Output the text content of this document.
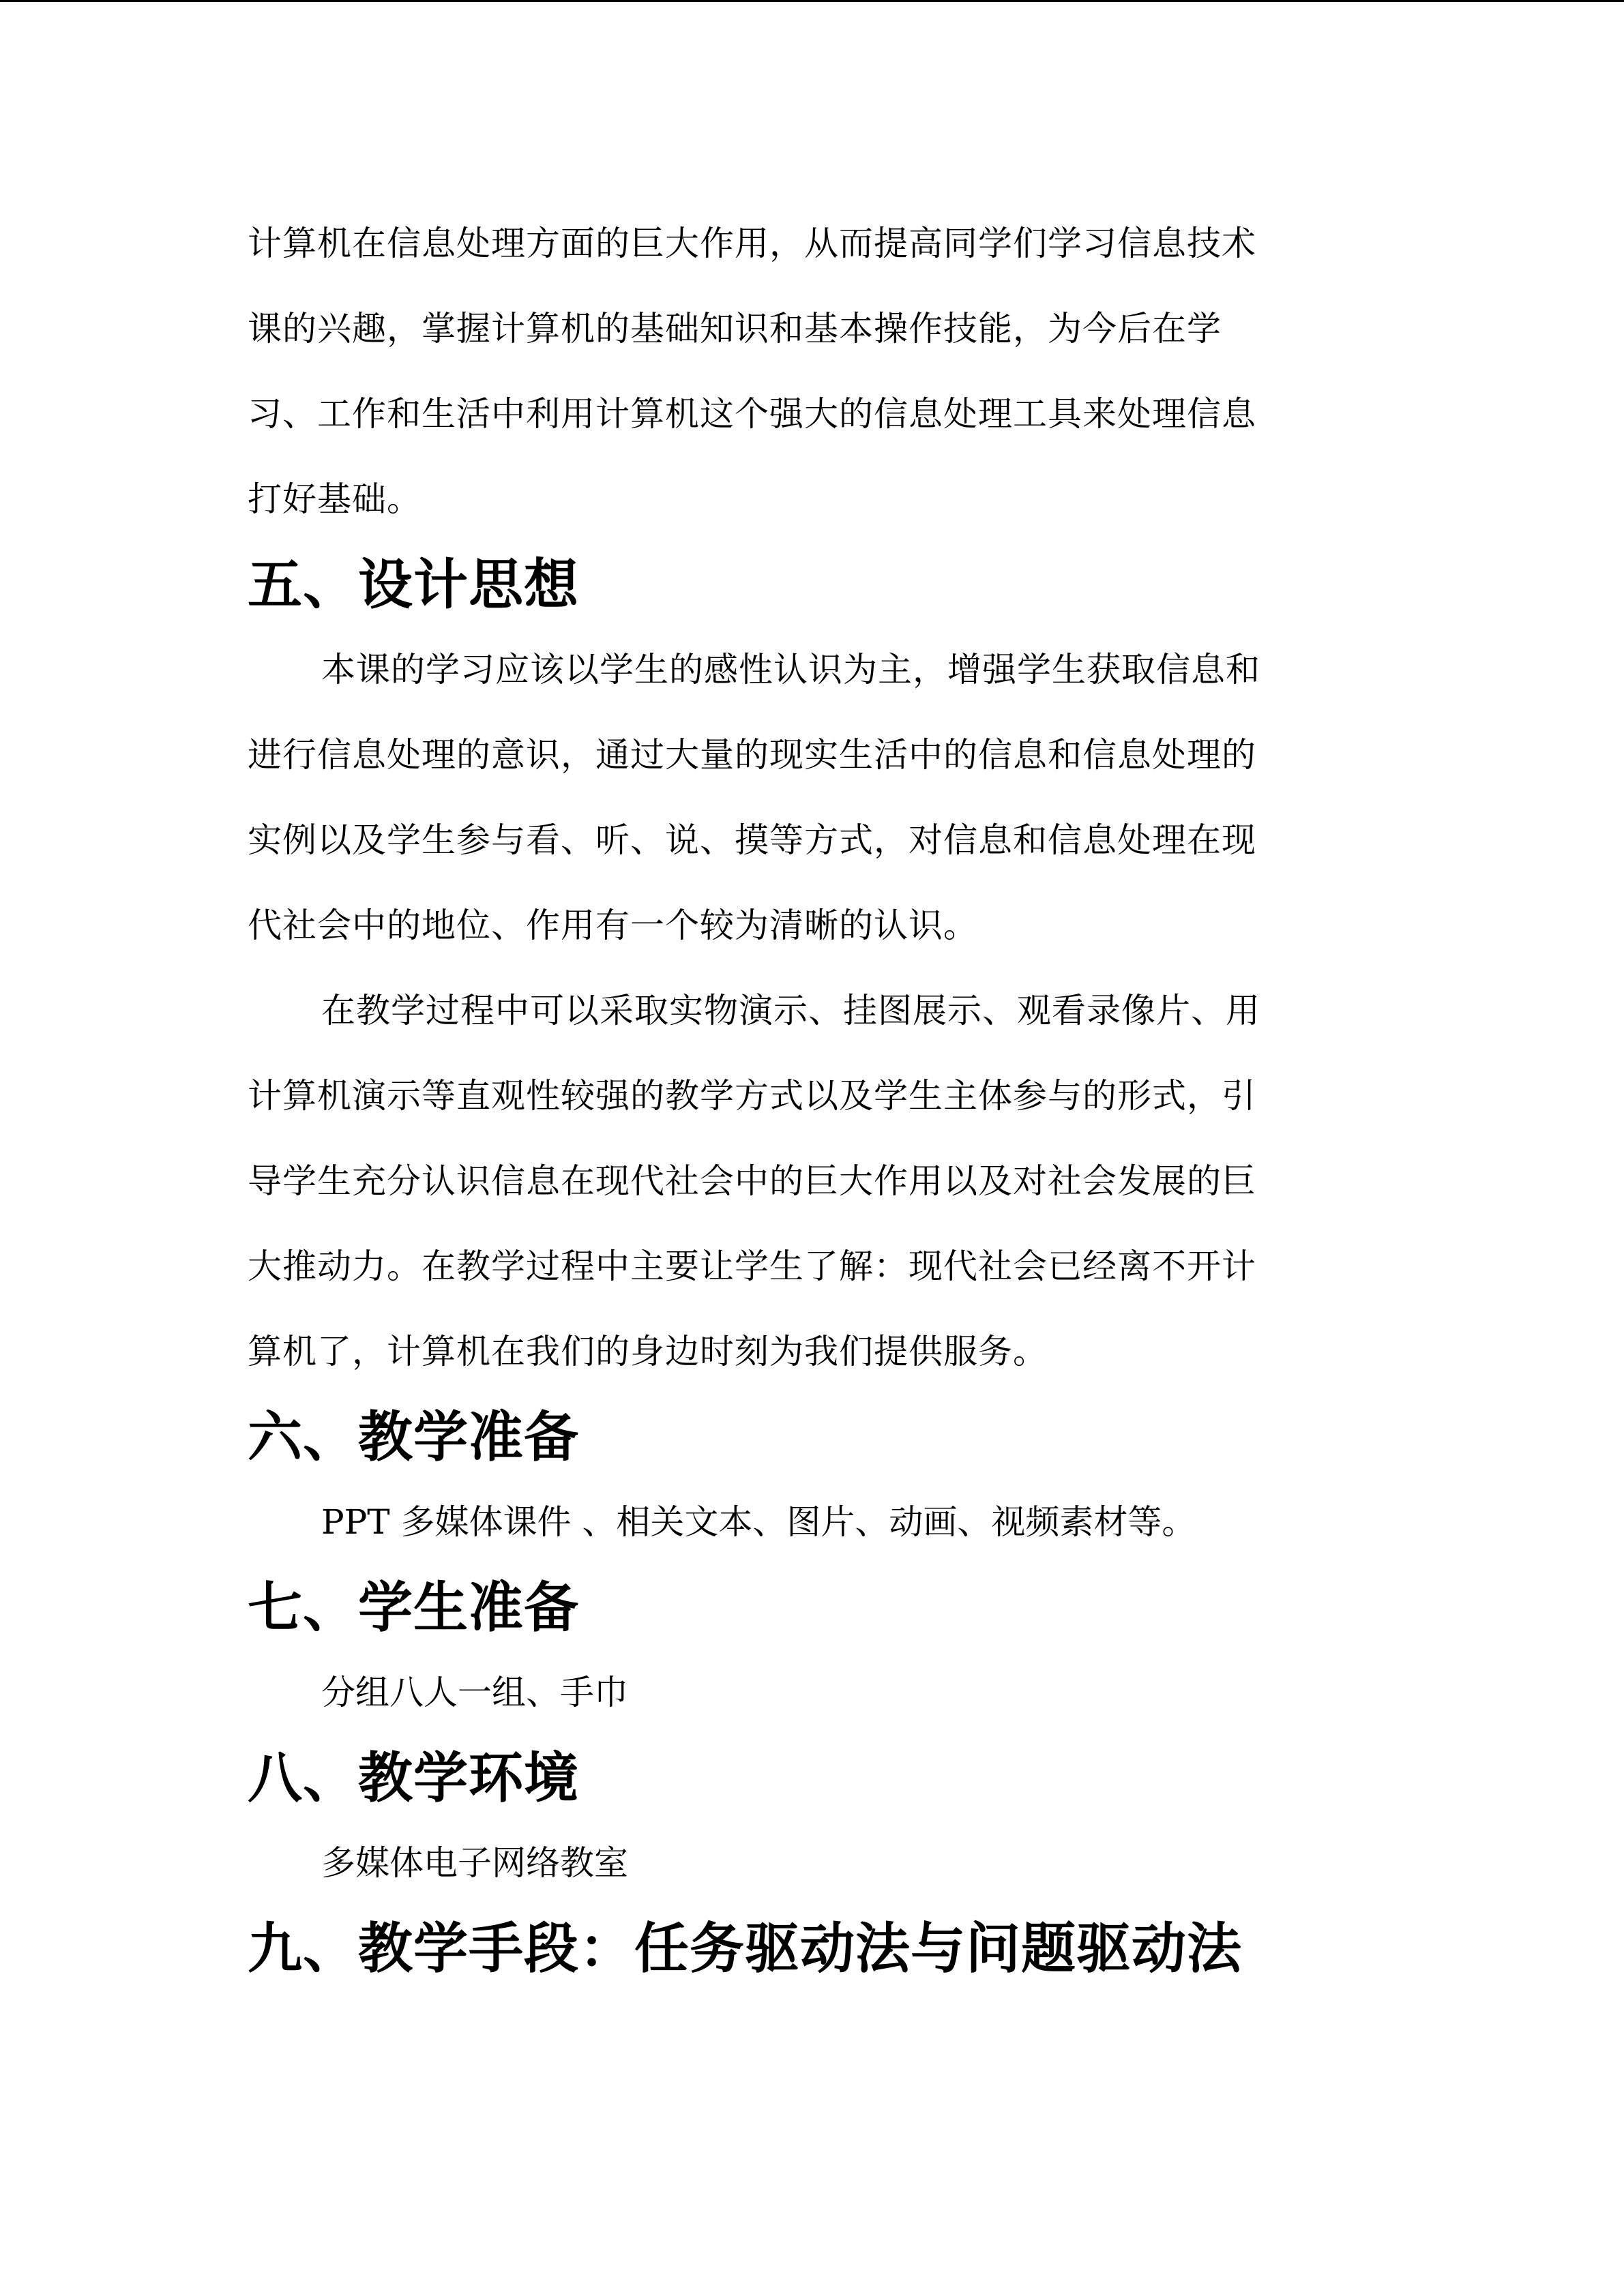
计算机在信息处理方面的巨大作用，从而提高同学们学习信息技术
课的兴趣，掌握计算机的基础知识和基本操作技能，为今后在学
习、工作和生活中利用计算机这个强大的信息处理工具来处理信息
打好基础。

五、设计思想

本课的学习应该以学生的感性认识为主，增强学生获取信息和
进行信息处理的意识，通过大量的现实生活中的信息和信息处理的
实例以及学生参与看、听、说、摸等方式，对信息和信息处理在现
代社会中的地位、作用有一个较为清晰的认识。

在教学过程中可以采取实物演示、挂图展示、观看录像片、用
计算机演示等直观性较强的教学方式以及学生主体参与的形式，引
导学生充分认识信息在现代社会中的巨大作用以及对社会发展的巨
大推动力。在教学过程中主要让学生了解：现代社会已经离不开计
算机了，计算机在我们的身边时刻为我们提供服务。

六、教学准备

PPT 多媒体课件 、相关文本、图片、动画、视频素材等。

七、学生准备

分组八人一组、手巾

八、教学环境

多媒体电子网络教室

九、教学手段：任务驱动法与问题驱动法
